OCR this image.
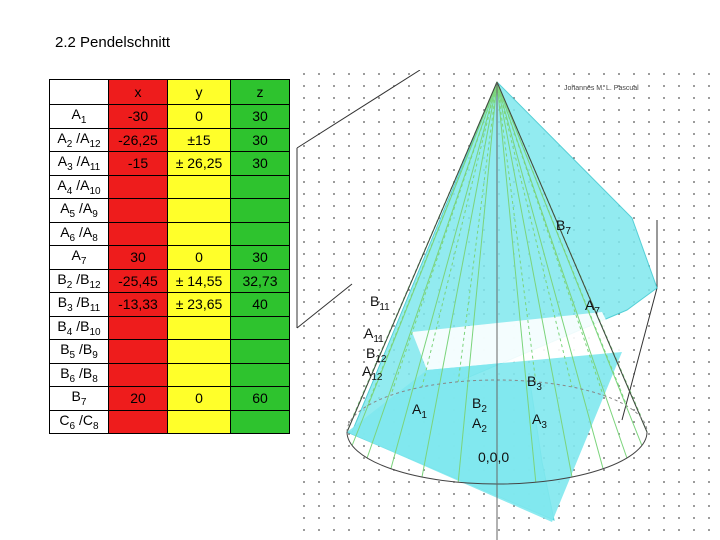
2.2 Pendelschnitt
	x	y	z
$A_1$	-30	0	30
$A_2$ $/A_{12}$	-26,25	±15	30
$A_3$ $/A_{11}$	-15	± 26,25	30
$A_4$ $/A_{10}$			
$A_5$ $/A_9$			
$A_6$ $/A_8$			
$A_7$	30	0	30
$B_2$ $/B_{12}$	-25,45	± 14,55	32,73
$B_3$ $/B_{11}$	-13,33	± 23,65	40
$B_4$ $/B_{10}$			
$B_5$ $/B_9$			
$B_6$ $/B_8$			
$B_7$	20	0	60
$C_6$ $/C_8$			
Johannes M. L. Pascual
$B_7$
$B_{11}$	$A_7$
$A_{11}$
$B_{12}$
$A_{12}$	$B_3$
$A_1$
$B_2$
$A_2$
$A_3$
0,0,0
